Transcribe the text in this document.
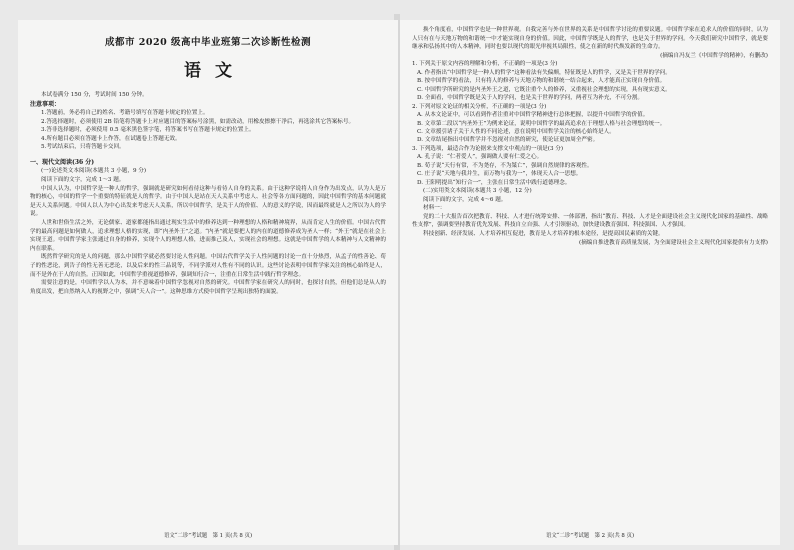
成都市 2020 级高中毕业班第二次诊断性检测
语文
本试卷满分 150 分，考试时间 150 分钟。
注意事项：
1.答题前，务必将自己的姓名、考籍号填写在答题卡规定的位置上。
2.答选择题时，必须使用 2B 铅笔将答题卡上对应题目的答案标号涂黑，如需改动，用橡皮擦擦干净后，再选涂其它答案标号。
3.答非选择题时，必须使用 0.5 毫米黑色签字笔，将答案书写在答题卡规定的位置上。
4.所有题目必须在答题卡上作答，在试题卷上答题无效。
5.考试结束后，只将答题卡交回。
一、现代文阅读(36 分)
(一)论述类文本阅读(本题共 3 小题，9 分)
阅读下面的文字，完成 1～3 题。
中国人认为，中国哲学是一种人的哲学，强调就是研究如何看待这种与看待人自身的关系。由于这种学说将人自身作为出发点，认为人是万物的核心，中国的哲学一个重要的特征就是人的哲学。由于中国人是站在天人关系中考虑人、社会等各方面问题的，因此中国哲学的基本问题就是天人关系问题。中国人以人为中心出发来考虑天人关系，所以中国哲学，是关于人的价值、人的意义的学说，因而最终就是人之所以为人的学说。
人世和世俗生活之外，无论儒家、道家都能指出通过现实生活中的修养达到一种理想的人格和精神境界，从而肯定人生的价值。中国古代哲学的最高问题是如何做人，追求理想人格的实现，即“内圣外王”之道。“内圣”就是要把人的内在的道德修养成为圣人一样；“外王”就是在社会上实现王道。中国哲学家主张通过自身的修养，实现个人的理想人格，进而推己及人，实现社会的理想。这就是中国哲学的人本精神与人文精神的内在联系。
既然哲学研究的是人的问题，那么中国哲学就必然要讨论人性问题。中国古代哲学关于人性问题的讨论一直十分热烈，从孟子的性善论、荀子的性恶论，到告子的性无善无恶论，以及后来的性三品说等，不同学派对人性有不同的认识。这些讨论表明中国哲学家关注的核心始终是人，而不是外在于人的自然。正因如此，中国哲学重视道德修养，强调知行合一，注重在日常生活中践行哲学理念。
需要注意的是，中国哲学以人为本，并不意味着中国哲学忽视对自然的研究。中国哲学家在研究人的同时，也探讨自然，但他们总是从人的角度出发，把自然纳入人的视野之中，强调“天人合一”。这种思维方式使中国哲学呈现出独特的面貌。
语文“二诊”考试题　第 1 页(共 8 页)
换个角度看，中国哲学也是一种世界观。自我完善与外在世界的关系是中国哲学讨论的重要议题。中国哲学家在追求人的价值的同时，认为人只有在与天地万物的和谐统一中才能实现自身的价值。因此，中国哲学既是人的哲学，也是关于世界的学问。今天我们研究中国哲学，就是要继承和弘扬其中的人本精神，同时也要以现代的眼光审视其局限性，使之在新的时代焕发新的生命力。
(摘编自冯友兰《中国哲学的精神》，有删改)
1. 下列关于原文内容的理解和分析，不正确的一项是(3 分)
A. 作者指出“中国哲学是一种人的哲学”这种看法有失偏颇，特征既是人的哲学，又是关于世界的学问。
B. 按中国哲学的看法，只有将人的修养与天地万物的和谐统一结合起来，人才能真正实现自身价值。
C. 中国哲学所研究的是内圣外王之道，它既注重个人的修养，又重视社会理想的实现，具有现实意义。
D. 全面看，中国哲学既是关于人的学问，也是关于世界的学问，两者互为补充，不可分割。
2. 下列对原文论证的相关分析，不正确的一项是(3 分)
A. 从本文论证中，可以看到作者注重对中国哲学精神进行总体把握，以提升中国哲学的价值。
B. 文章第二段以“内圣外王”为例来论证，说明中国哲学的最高追求在于理想人格与社会理想的统一。
C. 文章援引诸子关于人性的不同论述，意在说明中国哲学关注的核心始终是人。
D. 文章结尾指出中国哲学并不忽视对自然的研究，使论证更加周全严密。
3. 下列选项，最适合作为论据来支撑文中观点的一项是(3 分)
A. 孔子说：“仁者爱人”，强调做人要有仁爱之心。
B. 荀子说“天行有常，不为尧存，不为桀亡”，强调自然规律的客观性。
C. 庄子说“天地与我并生，而万物与我为一”，体现天人合一思想。
D. 王阳明提出“知行合一”，主张在日常生活中践行道德理念。
(二)实用类文本阅读(本题共 3 小题，12 分)
阅读下面的文字，完成 4～6 题。
材料一：
党的二十大报告首次把教育、科技、人才进行统筹安排、一体部署，指出“教育、科技、人才是全面建设社会主义现代化国家的基础性、战略性支撑”，强调要坚持教育优先发展、科技自立自强、人才引领驱动，加快建设教育强国、科技强国、人才强国。
科技创新、经济发展、人才培养相互促进，教育是人才培养的根本途径，是提高国民素质的关键。
(摘编自推进教育高质量发展，为全面建设社会主义现代化国家提供有力支撑)
语文“二诊”考试题　第 2 页(共 8 页)
